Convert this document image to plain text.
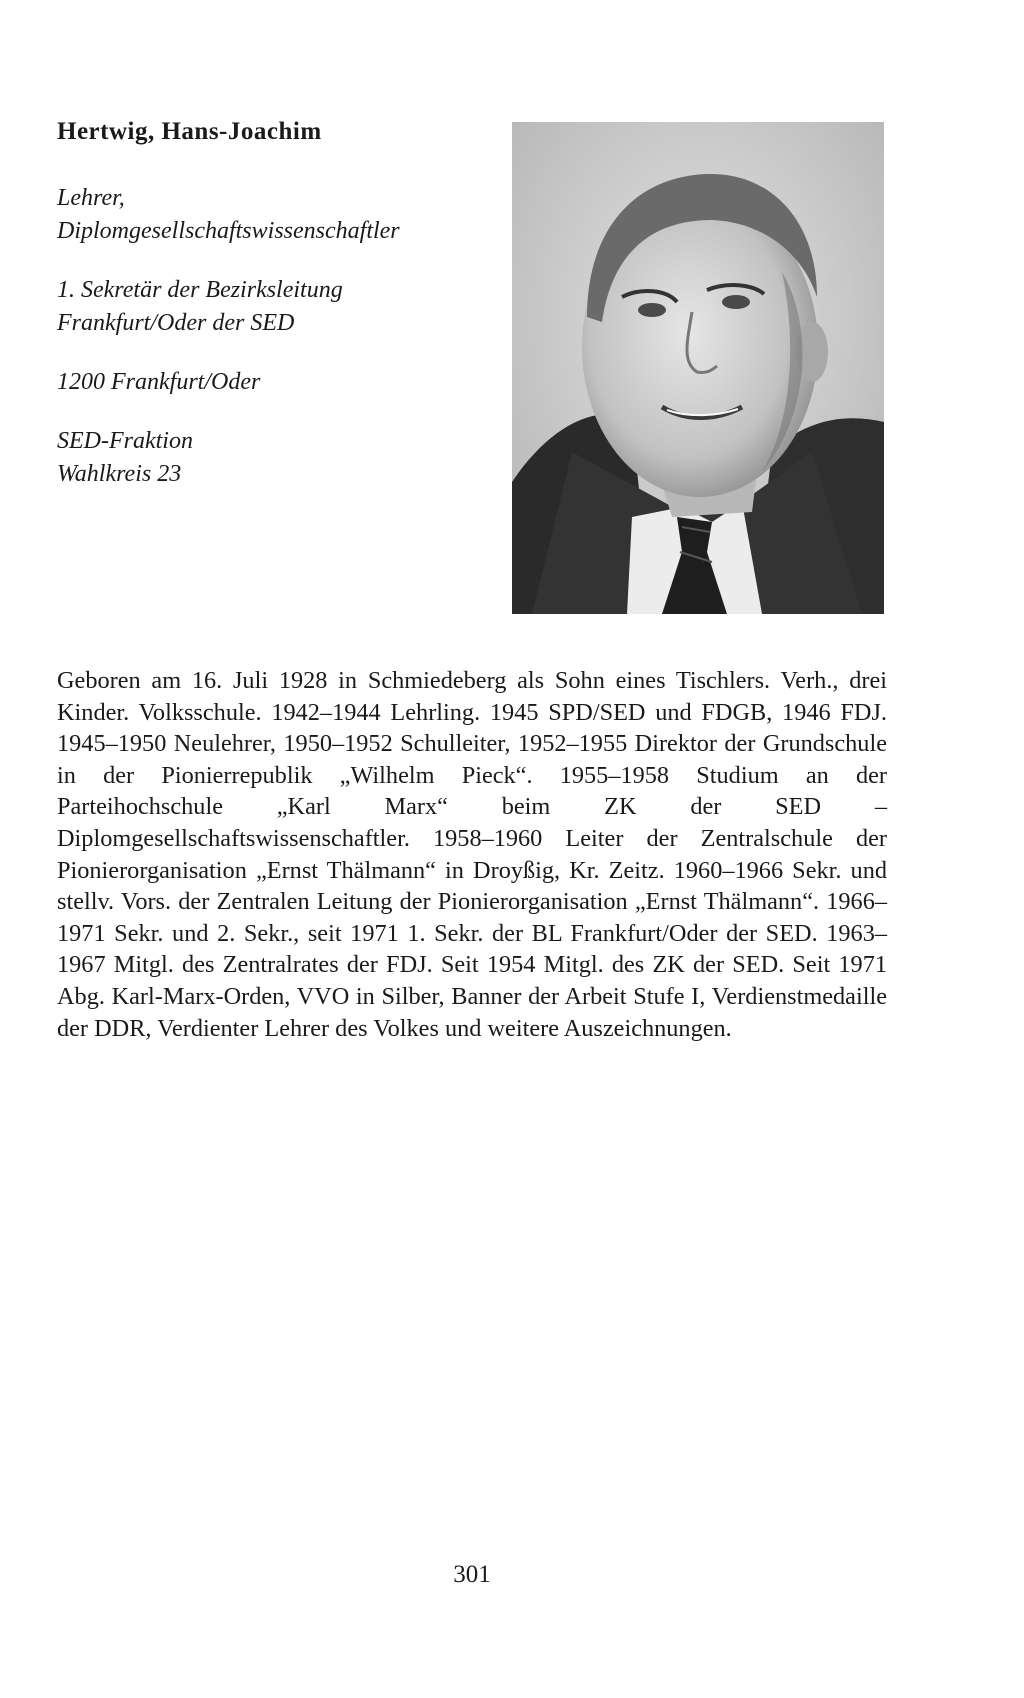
Hertwig, Hans-Joachim
Lehrer,
Diplomgesellschaftswissenschaftler
1. Sekretär der Bezirksleitung
Frankfurt/Oder der SED
1200 Frankfurt/Oder
SED-Fraktion
Wahlkreis 23
Geboren am 16. Juli 1928 in Schmiedeberg als Sohn eines Tischlers. Verh., drei Kinder. Volksschule. 1942–1944 Lehrling. 1945 SPD/SED und FDGB, 1946 FDJ. 1945–1950 Neulehrer, 1950–1952 Schulleiter, 1952–1955 Direktor der Grundschule in der Pionierrepublik „Wilhelm Pieck“. 1955–1958 Studium an der Parteihochschule „Karl Marx“ beim ZK der SED – Diplomgesellschaftswissenschaftler. 1958–1960 Leiter der Zentralschule der Pionierorganisation „Ernst Thälmann“ in Droyßig, Kr. Zeitz. 1960–1966 Sekr. und stellv. Vors. der Zentralen Leitung der Pionierorganisation „Ernst Thälmann“. 1966–1971 Sekr. und 2. Sekr., seit 1971 1. Sekr. der BL Frankfurt/Oder der SED. 1963–1967 Mitgl. des Zentralrates der FDJ. Seit 1954 Mitgl. des ZK der SED. Seit 1971 Abg. Karl-Marx-Orden, VVO in Silber, Banner der Arbeit Stufe I, Verdienstmedaille der DDR, Verdienter Lehrer des Volkes und weitere Auszeichnungen.
301
